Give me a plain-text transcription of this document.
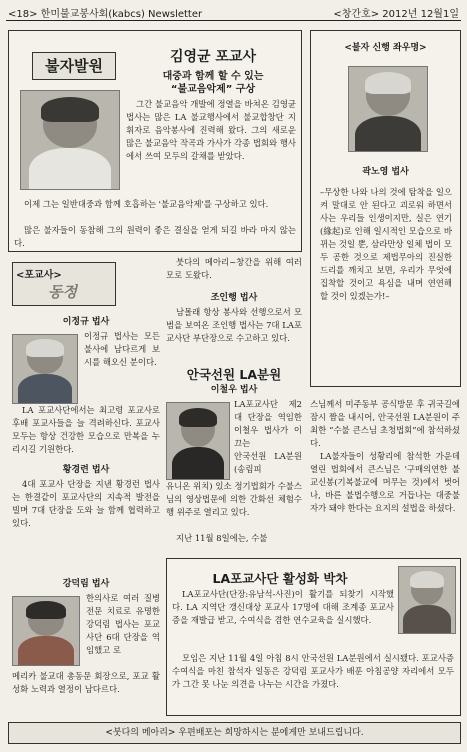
<18> 한미불교봉사회(kabcs) Newsletter	<창간호> 2012년 12월1일
불자발원	김영균 포교사
대중과 함께 할 수 있는
“불교음악제” 구상

그간 불교음악 개발에 정열을 바쳐온 김영균 법사는 많은 LA 불교행사에서 불교합창단 지휘자로 음악봉사에 진력해 왔다. 그의 새로운 많은 불교음악 작곡과 가사가 각종 법회와 행사에서 쓰여 모두의 갈채를 받았다.

이제 그는 일반대중과 함께 호흡하는 '불교음악제'를 구상하고 있다.

많은 불자들이 동참해 그의 원력이 좋은 결실을 얻게 되길 바라 마지 않는다.

<불자 신행 좌우명>
곽노영 법사

–무상한 나와 나의 것에 탐착을 일으켜 말대로 안 된다고 괴로워 하면서 사는 우리들 인생이지만, 실은 연기(緣起)로 인해 일시적인 모습으로 바뀌는 것일 뿐, 삼라만상 일체 법이 모두 공한 것으로 제법무아의 진실한 드리를 깨치고 보면, 우리가 무엇에 집착할 것이고 욕심을 내며 연연해 할 것이 있겠는가!–

<포교사>
동정
이정규 법사

이정규 법사는 모든 불사에 남다르게 보시를 해오신 분이다.

LA 포교사단에서는 최고령 포교사로 후배 포교사들을 늘 격려하신다. 포교사 모두는 항상 건강한 모습으로 만복을 누리시길 기원한다.

황경련 법사

4대 포교사 단장을 지낸 황경런 법사는 한결같이 포교사단의 지속적 발전을 빌며 7대 단장을 도와 늘 함께 협력하고 있다.

강덕림 법사

한의사로 여러 질병 전문 치료로 유명한 강덕림 법사는 포교사단 6대 단장을 역임했고 로

메리카 불교대 총동문 회장으로, 포교 활성화 노력과 열정이 남다르다.

붓다의 메아리~창간을 위해 여러모로 도왔다.

조인행 법사

남몰래 항상 봉사와 선행으로서 모범을 보여온 조인행 법사는 7대 LA포교사단 부단장으로 수고하고 있다.

안국선원 LA분원
이철우 법사

LA포교사단 제2대 단장을 역임한 이철우 법사가 이끄는

안국선원 LA분원(송림피

유니온 위치) 있소 정기법회가 수불스님의 영상법문에 의한 간화선 체험수행 위주로 열리고 있다.

지난 11월 8일에는, 수불

스님께서 미주동부 공식방문 후 귀국길에 잠시 짬을 내시어, 안국선원 LA분원이 주최한 “수불 큰스님 초청법회”에 참석하셨다.

LA불자들이 성황리에 참석한 가운데 열린 법회에서 큰스님은 '구매의연한 불교신봉(기복불교에 머무는 것)에서 벗어나, 바른 불법수행으로 거듭나는 대중불자가 돼야 한다는 요지의 설법을 하셨다.

LA포교사단 활성화 박차

LA포교사단(단장:유남석-사진)이 활기를 되찾기 시작했다. LA 지역단 갱신대상 포교사 17명에 대해 조계종 포교사증을 재발급 받고, 수여식을 겸한 연수교육을 실시했다.

모임은 지난 11월 4일 아침 8시 안국선원 LA분원에서 실시됐다. 포교사증 수여식을 마친 참석자 일동은 강덕림 포교사가 배푼 아침공양 자리에서 모두가 그간 못 나눈 의견을 나누는 시간을 가졌다.

<붓다의 메아리> 우편배포는 희망하시는 분에게만 보내드립니다.
